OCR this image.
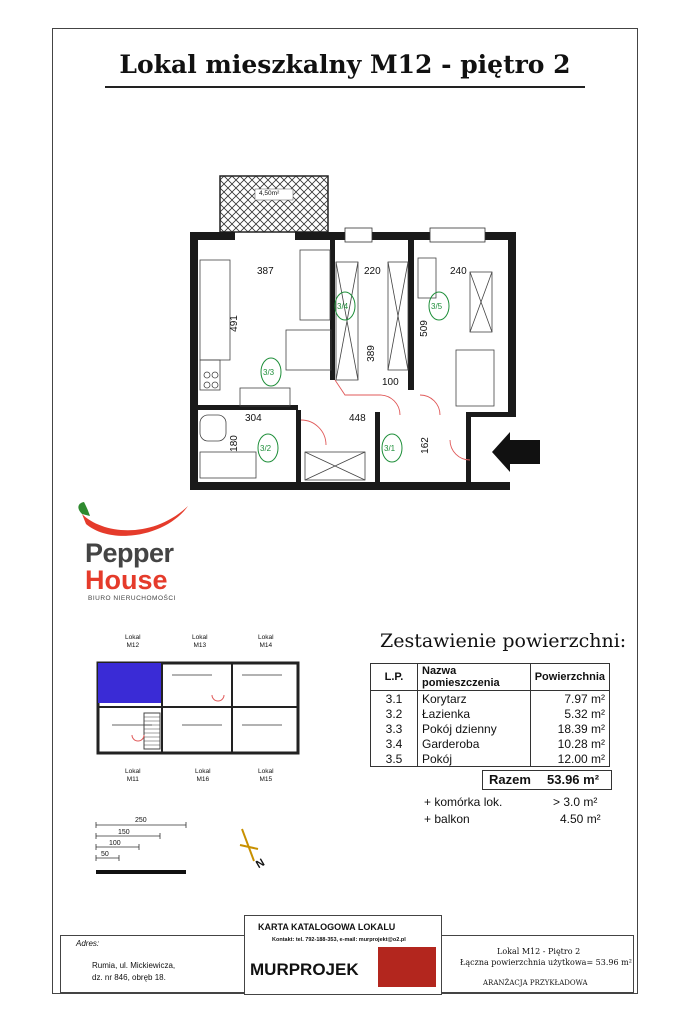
Lokal mieszkalny M12 - piętro 2
4,50m²
387	220	240
491	509
389
100
304	448
180	162
3/3
3/4	3/5
3/2	3/1
Pepper
House
BIURO NIERUCHOMOŚCI
Lokal
M12
Lokal
M13
Lokal
M14
Lokal
M11
Lokal
M16
Lokal
M15
250
150
100
50
N
Zestawienie powierzchni:
L.P.	Nazwa pomieszczenia	Powierzchnia
3.1	Korytarz	7.97 m²
3.2	Łazienka	5.32 m²
3.3	Pokój dzienny	18.39 m²
3.4	Garderoba	10.28 m²
3.5	Pokój	12.00 m²
Razem 53.96 m²
+ komórka lok.	> 3.0 m²
+ balkon	4.50 m²
KARTA KATALOGOWA LOKALU
Kontakt: tel. 792-188-353, e-mail: murprojekt@o2.pl
MURPROJEK
Adres:
Rumia, ul. Mickiewicza,
dz. nr 846, obręb 18.
Lokal M12 - Piętro 2
Łączna powierzchnia użytkowa= 53.96 m²
ARANŻACJA PRZYKŁADOWA
